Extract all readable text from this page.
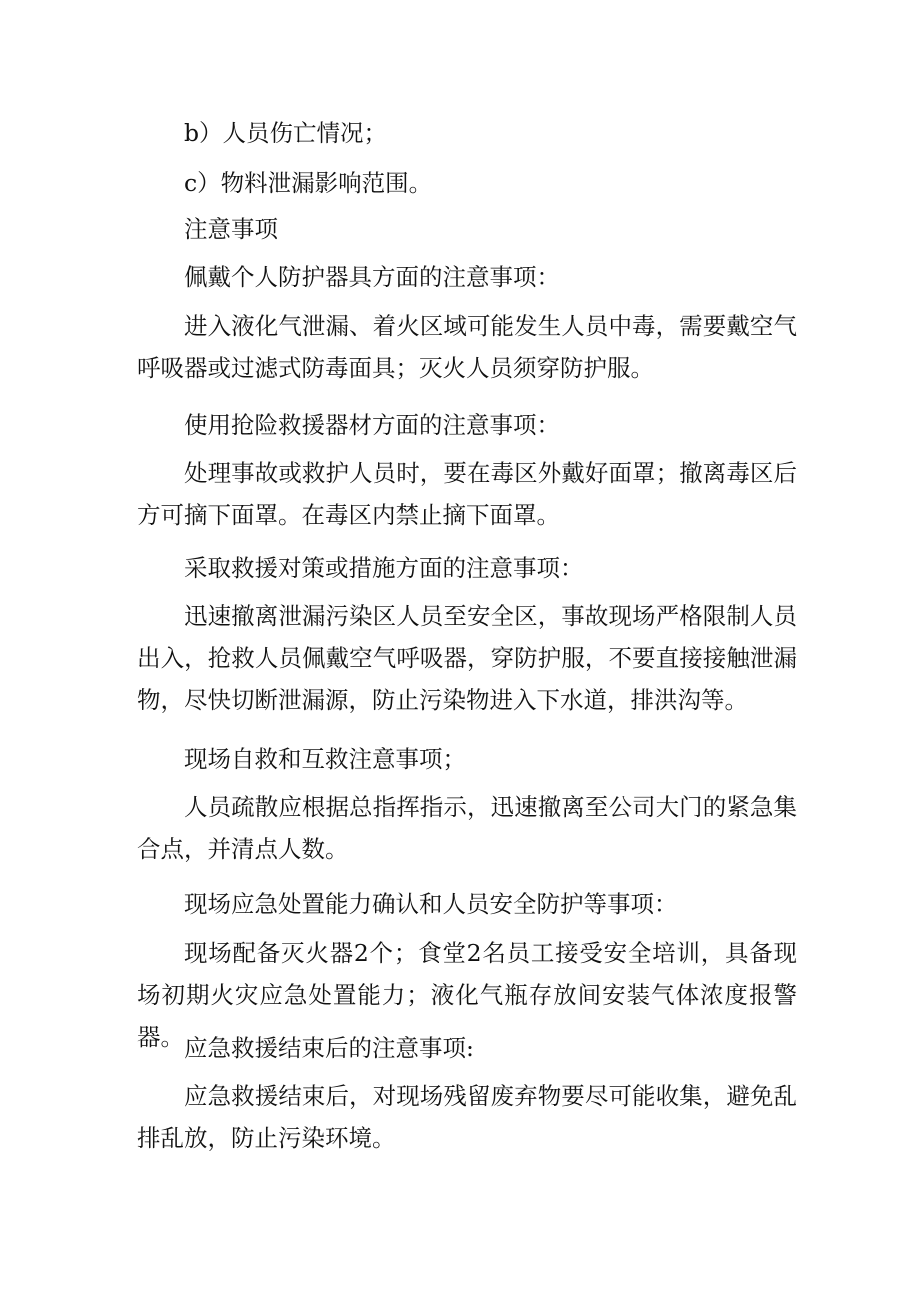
b）人员伤亡情况；

c）物料泄漏影响范围。

注意事项

佩戴个人防护器具方面的注意事项：

进入液化气泄漏、着火区域可能发生人员中毒，需要戴空气呼吸器或过滤式防毒面具；灭火人员须穿防护服。

使用抢险救援器材方面的注意事项：

处理事故或救护人员时，要在毒区外戴好面罩；撤离毒区后方可摘下面罩。在毒区内禁止摘下面罩。

采取救援对策或措施方面的注意事项：

迅速撤离泄漏污染区人员至安全区，事故现场严格限制人员出入，抢救人员佩戴空气呼吸器，穿防护服，不要直接接触泄漏物，尽快切断泄漏源，防止污染物进入下水道，排洪沟等。

现场自救和互救注意事项；

人员疏散应根据总指挥指示，迅速撤离至公司大门的紧急集合点，并清点人数。

现场应急处置能力确认和人员安全防护等事项：

现场配备灭火器2个；食堂2名员工接受安全培训，具备现场初期火灾应急处置能力；液化气瓶存放间安装气体浓度报警器。 应急救援结束后的注意事项:

应急救援结束后，对现场残留废弃物要尽可能收集，避免乱排乱放，防止污染环境。
